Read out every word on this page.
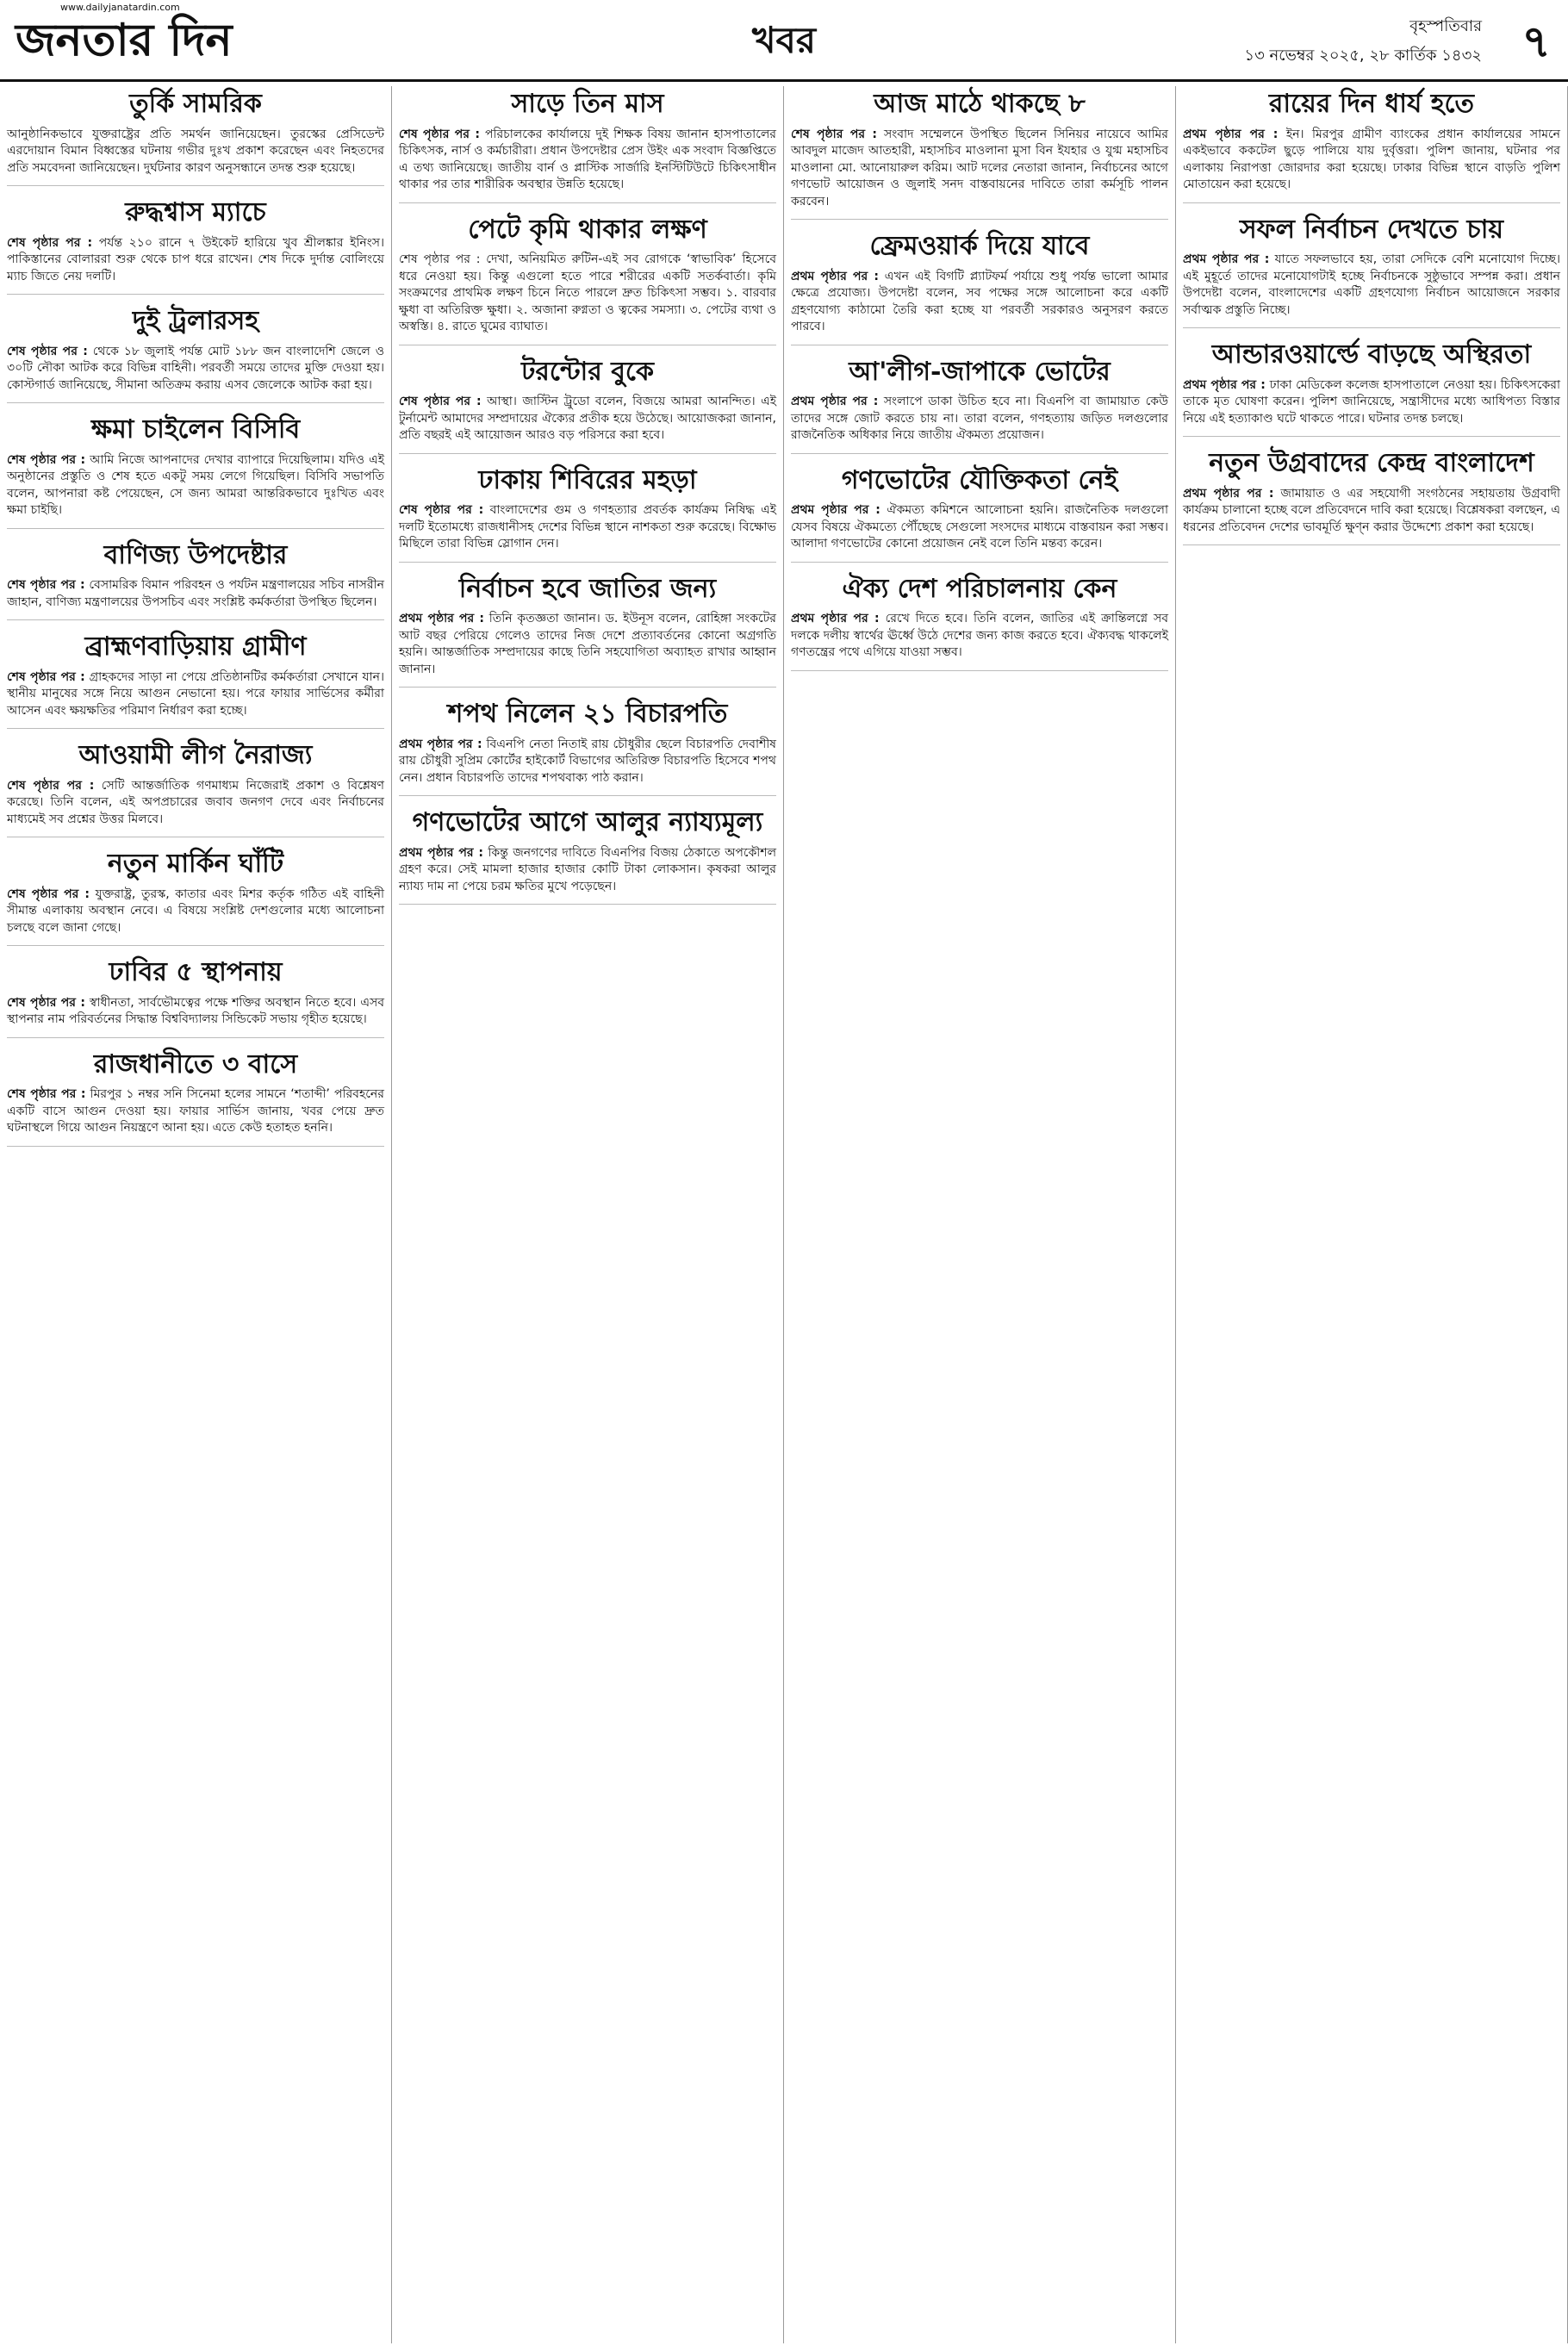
জনতার দিন
www.dailyjanatardin.com
খবর	বৃহস্পতিবার
১৩ নভেম্বর ২০২৫, ২৮ কার্তিক ১৪৩২ ৭
তুর্কি সামরিক

আনুষ্ঠানিকভাবে যুক্তরাষ্ট্রের প্রতি সমর্থন জানিয়েছেন। তুরস্কের প্রেসিডেন্ট এরদোয়ান বিমান বিধ্বস্তের ঘটনায় গভীর দুঃখ প্রকাশ করেছেন এবং নিহতদের প্রতি সমবেদনা জানিয়েছেন। দুর্ঘটনার কারণ অনুসন্ধানে তদন্ত শুরু হয়েছে।

রুদ্ধশ্বাস ম্যাচে

শেষ পৃষ্ঠার পর : পর্যন্ত ২১০ রানে ৭ উইকেট হারিয়ে খুব শ্রীলঙ্কার ইনিংস। পাকিস্তানের বোলাররা শুরু থেকে চাপ ধরে রাখেন। শেষ দিকে দুর্দান্ত বোলিংয়ে ম্যাচ জিতে নেয় দলটি।

দুই ট্রলারসহ

শেষ পৃষ্ঠার পর : থেকে ১৮ জুলাই পর্যন্ত মোট ১৮৮ জন বাংলাদেশি জেলে ও ৩০টি নৌকা আটক করে বিভিন্ন বাহিনী। পরবর্তী সময়ে তাদের মুক্তি দেওয়া হয়। কোস্টগার্ড জানিয়েছে, সীমানা অতিক্রম করায় এসব জেলেকে আটক করা হয়।

ক্ষমা চাইলেন বিসিবি

শেষ পৃষ্ঠার পর : আমি নিজে আপনাদের দেখার ব্যাপারে দিয়েছিলাম। যদিও এই অনুষ্ঠানের প্রস্তুতি ও শেষ হতে একটু সময় লেগে গিয়েছিল। বিসিবি সভাপতি বলেন, আপনারা কষ্ট পেয়েছেন, সে জন্য আমরা আন্তরিকভাবে দুঃখিত এবং ক্ষমা চাইছি।

বাণিজ্য উপদেষ্টার

শেষ পৃষ্ঠার পর : বেসামরিক বিমান পরিবহন ও পর্যটন মন্ত্রণালয়ের সচিব নাসরীন জাহান, বাণিজ্য মন্ত্রণালয়ের উপসচিব এবং সংশ্লিষ্ট কর্মকর্তারা উপস্থিত ছিলেন।

ব্রাহ্মণবাড়িয়ায় গ্রামীণ

শেষ পৃষ্ঠার পর : গ্রাহকদের সাড়া না পেয়ে প্রতিষ্ঠানটির কর্মকর্তারা সেখানে যান। স্থানীয় মানুষের সঙ্গে নিয়ে আগুন নেভানো হয়। পরে ফায়ার সার্ভিসের কর্মীরা আসেন এবং ক্ষয়ক্ষতির পরিমাণ নির্ধারণ করা হচ্ছে।

আওয়ামী লীগ নৈরাজ্য

শেষ পৃষ্ঠার পর : সেটি আন্তর্জাতিক গণমাধ্যম নিজেরাই প্রকাশ ও বিশ্লেষণ করেছে। তিনি বলেন, এই অপপ্রচারের জবাব জনগণ দেবে এবং নির্বাচনের মাধ্যমেই সব প্রশ্নের উত্তর মিলবে।

নতুন মার্কিন ঘাঁটি

শেষ পৃষ্ঠার পর : যুক্তরাষ্ট্র, তুরস্ক, কাতার এবং মিশর কর্তৃক গঠিত এই বাহিনী সীমান্ত এলাকায় অবস্থান নেবে। এ বিষয়ে সংশ্লিষ্ট দেশগুলোর মধ্যে আলোচনা চলছে বলে জানা গেছে।

ঢাবির ৫ স্থাপনায়

শেষ পৃষ্ঠার পর : স্বাধীনতা, সার্বভৌমত্বের পক্ষে শক্তির অবস্থান নিতে হবে। এসব স্থাপনার নাম পরিবর্তনের সিদ্ধান্ত বিশ্ববিদ্যালয় সিন্ডিকেট সভায় গৃহীত হয়েছে।

রাজধানীতে ৩ বাসে

শেষ পৃষ্ঠার পর : মিরপুর ১ নম্বর সনি সিনেমা হলের সামনে ‘শতাব্দী’ পরিবহনের একটি বাসে আগুন দেওয়া হয়। ফায়ার সার্ভিস জানায়, খবর পেয়ে দ্রুত ঘটনাস্থলে গিয়ে আগুন নিয়ন্ত্রণে আনা হয়। এতে কেউ হতাহত হননি।

সাড়ে তিন মাস

শেষ পৃষ্ঠার পর : পরিচালকের কার্যালয়ে দুই শিক্ষক বিষয় জানান হাসপাতালের চিকিৎসক, নার্স ও কর্মচারীরা। প্রধান উপদেষ্টার প্রেস উইং এক সংবাদ বিজ্ঞপ্তিতে এ তথ্য জানিয়েছে। জাতীয় বার্ন ও প্লাস্টিক সার্জারি ইনস্টিটিউটে চিকিৎসাধীন থাকার পর তার শারীরিক অবস্থার উন্নতি হয়েছে।

পেটে কৃমি থাকার লক্ষণ

শেষ পৃষ্ঠার পর : দেখা, অনিয়মিত রুটিন-এই সব রোগকে ‘স্বাভাবিক’ হিসেবে ধরে নেওয়া হয়। কিন্তু এগুলো হতে পারে শরীরের একটি সতর্কবার্তা। কৃমি সংক্রমণের প্রাথমিক লক্ষণ চিনে নিতে পারলে দ্রুত চিকিৎসা সম্ভব। ১. বারবার ক্ষুধা বা অতিরিক্ত ক্ষুধা। ২. অজানা রুগ্নতা ও ত্বকের সমস্যা। ৩. পেটের ব্যথা ও অস্বস্তি। ৪. রাতে ঘুমের ব্যাঘাত।

টরন্টোর বুকে

শেষ পৃষ্ঠার পর : আস্থা। জাস্টিন ট্রুডো বলেন, বিজয়ে আমরা আনন্দিত। এই টুর্নামেন্ট আমাদের সম্প্রদায়ের ঐক্যের প্রতীক হয়ে উঠেছে। আয়োজকরা জানান, প্রতি বছরই এই আয়োজন আরও বড় পরিসরে করা হবে।

ঢাকায় শিবিরের মহড়া

শেষ পৃষ্ঠার পর : বাংলাদেশের গুম ও গণহত্যার প্রবর্তক কার্যক্রম নিষিদ্ধ এই দলটি ইতোমধ্যে রাজধানীসহ দেশের বিভিন্ন স্থানে নাশকতা শুরু করেছে। বিক্ষোভ মিছিলে তারা বিভিন্ন স্লোগান দেন।

নির্বাচন হবে জাতির জন্য

প্রথম পৃষ্ঠার পর : তিনি কৃতজ্ঞতা জানান। ড. ইউনূস বলেন, রোহিঙ্গা সংকটের আট বছর পেরিয়ে গেলেও তাদের নিজ দেশে প্রত্যাবর্তনের কোনো অগ্রগতি হয়নি। আন্তর্জাতিক সম্প্রদায়ের কাছে তিনি সহযোগিতা অব্যাহত রাখার আহ্বান জানান।

শপথ নিলেন ২১ বিচারপতি

প্রথম পৃষ্ঠার পর : বিএনপি নেতা নিতাই রায় চৌধুরীর ছেলে বিচারপতি দেবাশীষ রায় চৌধুরী সুপ্রিম কোর্টের হাইকোর্ট বিভাগের অতিরিক্ত বিচারপতি হিসেবে শপথ নেন। প্রধান বিচারপতি তাদের শপথবাক্য পাঠ করান।

গণভোটের আগে আলুর ন্যায্যমূল্য

প্রথম পৃষ্ঠার পর : কিন্তু জনগণের দাবিতে বিএনপির বিজয় ঠেকাতে অপকৌশল গ্রহণ করে। সেই মামলা হাজার হাজার কোটি টাকা লোকসান। কৃষকরা আলুর ন্যায্য দাম না পেয়ে চরম ক্ষতির মুখে পড়েছেন।

আজ মাঠে থাকছে ৮

শেষ পৃষ্ঠার পর : সংবাদ সম্মেলনে উপস্থিত ছিলেন সিনিয়র নায়েবে আমির আবদুল মাজেদ আতহারী, মহাসচিব মাওলানা মুসা বিন ইযহার ও যুগ্ম মহাসচিব মাওলানা মো. আনোয়ারুল করিম। আট দলের নেতারা জানান, নির্বাচনের আগে গণভোট আয়োজন ও জুলাই সনদ বাস্তবায়নের দাবিতে তারা কর্মসূচি পালন করবেন।

ফ্রেমওয়ার্ক দিয়ে যাবে

প্রথম পৃষ্ঠার পর : এখন এই বিগটি প্ল্যাটফর্ম পর্যায়ে শুধু পর্যন্ত ভালো আমার ক্ষেত্রে প্রযোজ্য। উপদেষ্টা বলেন, সব পক্ষের সঙ্গে আলোচনা করে একটি গ্রহণযোগ্য কাঠামো তৈরি করা হচ্ছে যা পরবর্তী সরকারও অনুসরণ করতে পারবে।

আ'লীগ-জাপাকে ভোটের

প্রথম পৃষ্ঠার পর : সংলাপে ডাকা উচিত হবে না। বিএনপি বা জামায়াত কেউ তাদের সঙ্গে জোট করতে চায় না। তারা বলেন, গণহত্যায় জড়িত দলগুলোর রাজনৈতিক অধিকার নিয়ে জাতীয় ঐকমত্য প্রয়োজন।

গণভোটের যৌক্তিকতা নেই

প্রথম পৃষ্ঠার পর : ঐকমত্য কমিশনে আলোচনা হয়নি। রাজনৈতিক দলগুলো যেসব বিষয়ে ঐকমত্যে পৌঁছেছে সেগুলো সংসদের মাধ্যমে বাস্তবায়ন করা সম্ভব। আলাদা গণভোটের কোনো প্রয়োজন নেই বলে তিনি মন্তব্য করেন।

ঐক্য দেশ পরিচালনায় কেন

প্রথম পৃষ্ঠার পর : রেখে দিতে হবে। তিনি বলেন, জাতির এই ক্রান্তিলগ্নে সব দলকে দলীয় স্বার্থের ঊর্ধ্বে উঠে দেশের জন্য কাজ করতে হবে। ঐক্যবদ্ধ থাকলেই গণতন্ত্রের পথে এগিয়ে যাওয়া সম্ভব।

রায়ের দিন ধার্য হতে

প্রথম পৃষ্ঠার পর : ইন। মিরপুর গ্রামীণ ব্যাংকের প্রধান কার্যালয়ের সামনে একইভাবে ককটেল ছুড়ে পালিয়ে যায় দুর্বৃত্তরা। পুলিশ জানায়, ঘটনার পর এলাকায় নিরাপত্তা জোরদার করা হয়েছে। ঢাকার বিভিন্ন স্থানে বাড়তি পুলিশ মোতায়েন করা হয়েছে।

সফল নির্বাচন দেখতে চায়

প্রথম পৃষ্ঠার পর : যাতে সফলভাবে হয়, তারা সেদিকে বেশি মনোযোগ দিচ্ছে। এই মুহূর্তে তাদের মনোযোগটাই হচ্ছে নির্বাচনকে সুষ্ঠুভাবে সম্পন্ন করা। প্রধান উপদেষ্টা বলেন, বাংলাদেশের একটি গ্রহণযোগ্য নির্বাচন আয়োজনে সরকার সর্বাত্মক প্রস্তুতি নিচ্ছে।

আন্ডারওয়ার্ল্ডে বাড়ছে অস্থিরতা

প্রথম পৃষ্ঠার পর : ঢাকা মেডিকেল কলেজ হাসপাতালে নেওয়া হয়। চিকিৎসকেরা তাকে মৃত ঘোষণা করেন। পুলিশ জানিয়েছে, সন্ত্রাসীদের মধ্যে আধিপত্য বিস্তার নিয়ে এই হত্যাকাণ্ড ঘটে থাকতে পারে। ঘটনার তদন্ত চলছে।

নতুন উগ্রবাদের কেন্দ্র বাংলাদেশ

প্রথম পৃষ্ঠার পর : জামায়াত ও এর সহযোগী সংগঠনের সহায়তায় উগ্রবাদী কার্যক্রম চালানো হচ্ছে বলে প্রতিবেদনে দাবি করা হয়েছে। বিশ্লেষকরা বলছেন, এ ধরনের প্রতিবেদন দেশের ভাবমূর্তি ক্ষুণ্ন করার উদ্দেশ্যে প্রকাশ করা হয়েছে।
